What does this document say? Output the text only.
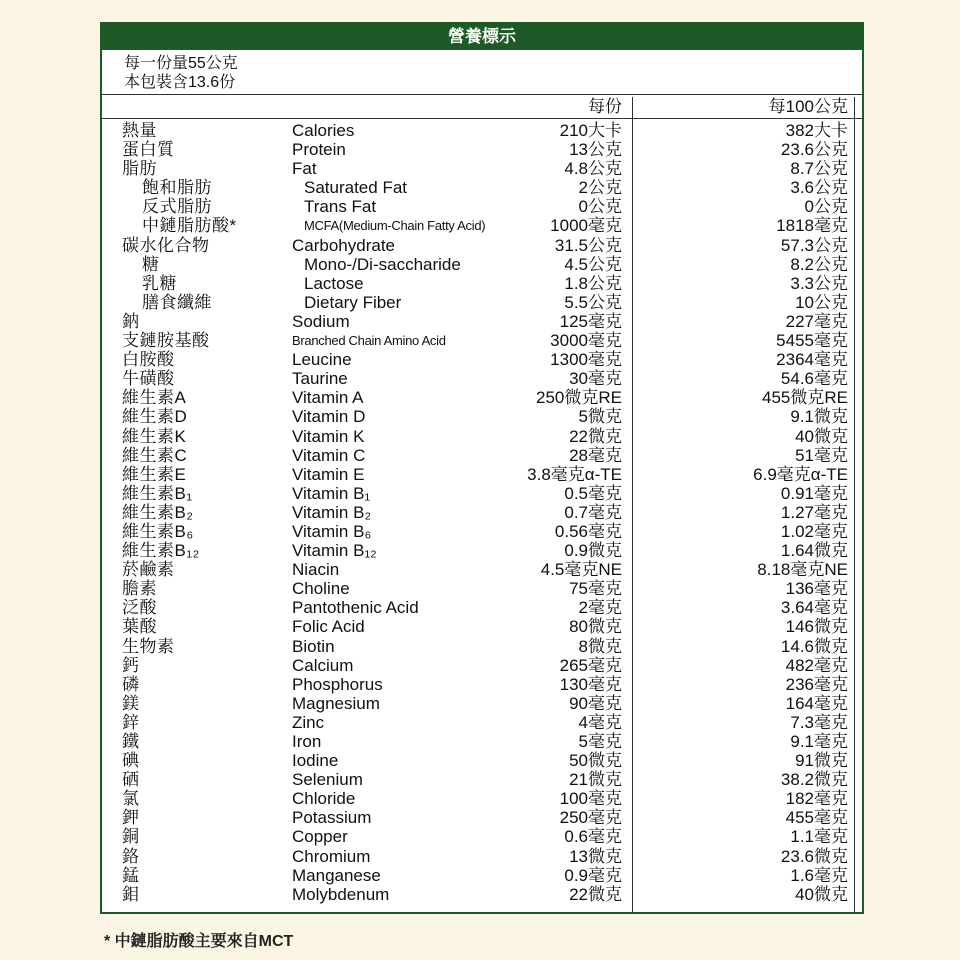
營養標示
每一份量55公克
本包裝含13.6份
每份	每100公克
熱量	Calories	210大卡	382大卡
蛋白質	Protein	13公克	23.6公克
脂肪	Fat	4.8公克	8.7公克
飽和脂肪	Saturated Fat	2公克	3.6公克
反式脂肪	Trans Fat	0公克	0公克
中鏈脂肪酸*	MCFA(Medium-Chain Fatty Acid)	1000毫克	1818毫克
碳水化合物	Carbohydrate	31.5公克	57.3公克
糖	Mono-/Di-saccharide	4.5公克	8.2公克
乳糖	Lactose	1.8公克	3.3公克
膳食纖維	Dietary Fiber	5.5公克	10公克
鈉	Sodium	125毫克	227毫克
支鏈胺基酸	Branched Chain Amino Acid	3000毫克	5455毫克
白胺酸	Leucine	1300毫克	2364毫克
牛磺酸	Taurine	30毫克	54.6毫克
維生素A	Vitamin A	250微克RE	455微克RE
維生素D	Vitamin D	5微克	9.1微克
維生素K	Vitamin K	22微克	40微克
維生素C	Vitamin C	28毫克	51毫克
維生素E	Vitamin E	3.8毫克α-TE	6.9毫克α-TE
維生素B₁	Vitamin B₁	0.5毫克	0.91毫克
維生素B₂	Vitamin B₂	0.7毫克	1.27毫克
維生素B₆	Vitamin B₆	0.56毫克	1.02毫克
維生素B₁₂	Vitamin B₁₂	0.9微克	1.64微克
菸鹼素	Niacin	4.5毫克NE	8.18毫克NE
膽素	Choline	75毫克	136毫克
泛酸	Pantothenic Acid	2毫克	3.64毫克
葉酸	Folic Acid	80微克	146微克
生物素	Biotin	8微克	14.6微克
鈣	Calcium	265毫克	482毫克
磷	Phosphorus	130毫克	236毫克
鎂	Magnesium	90毫克	164毫克
鋅	Zinc	4毫克	7.3毫克
鐵	Iron	5毫克	9.1毫克
碘	Iodine	50微克	91微克
硒	Selenium	21微克	38.2微克
氯	Chloride	100毫克	182毫克
鉀	Potassium	250毫克	455毫克
銅	Copper	0.6毫克	1.1毫克
鉻	Chromium	13微克	23.6微克
錳	Manganese	0.9毫克	1.6毫克
鉬	Molybdenum	22微克	40微克
* 中鏈脂肪酸主要來自MCT
